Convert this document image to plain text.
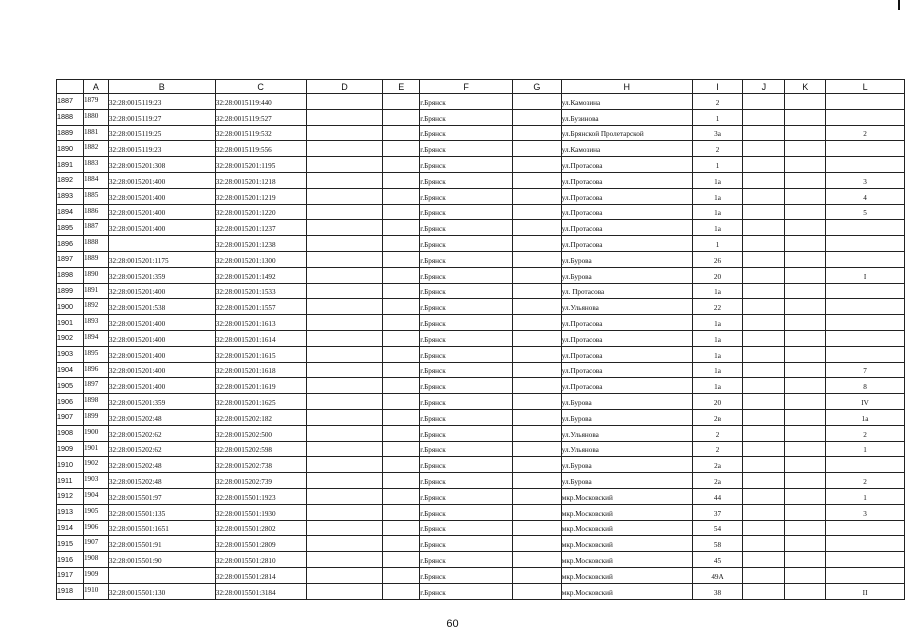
	A	B	C	D	E	F	G	H	I	J	K	L
1887	1879	32:28:0015119:23	32:28:0015119:440			г.Брянск		ул.Камозина	2			
1888	1880	32:28:0015119:27	32:28:0015119:527			г.Брянск		ул.Бузинова	1			
1889	1881	32:28:0015119:25	32:28:0015119:532			г.Брянск		ул.Брянской Пролетарской	3а			2
1890	1882	32:28:0015119:23	32:28:0015119:556			г.Брянск		ул.Камозина	2			
1891	1883	32:28:0015201:308	32:28:0015201:1195			г.Брянск		ул.Протасова	1			
1892	1884	32:28:0015201:400	32:28:0015201:1218			г.Брянск		ул.Протасова	1а			3
1893	1885	32:28:0015201:400	32:28:0015201:1219			г.Брянск		ул.Протасова	1а			4
1894	1886	32:28:0015201:400	32:28:0015201:1220			г.Брянск		ул.Протасова	1а			5
1895	1887	32:28:0015201:400	32:28:0015201:1237			г.Брянск		ул.Протасова	1а			
1896	1888		32:28:0015201:1238			г.Брянск		ул.Протасова	1			
1897	1889	32:28:0015201:1175	32:28:0015201:1300			г.Брянск		ул.Бурова	26			
1898	1890	32:28:0015201:359	32:28:0015201:1492			г.Брянск		ул.Бурова	20			I
1899	1891	32:28:0015201:400	32:28:0015201:1533			г.Брянск		ул. Протасова	1а			
1900	1892	32:28:0015201:538	32:28:0015201:1557			г.Брянск		ул.Ульянова	22			
1901	1893	32:28:0015201:400	32:28:0015201:1613			г.Брянск		ул.Протасова	1а			
1902	1894	32:28:0015201:400	32:28:0015201:1614			г.Брянск		ул.Протасова	1а			
1903	1895	32:28:0015201:400	32:28:0015201:1615			г.Брянск		ул.Протасова	1а			
1904	1896	32:28:0015201:400	32:28:0015201:1618			г.Брянск		ул.Протасова	1а			7
1905	1897	32:28:0015201:400	32:28:0015201:1619			г.Брянск		ул.Протасова	1а			8
1906	1898	32:28:0015201:359	32:28:0015201:1625			г.Брянск		ул.Бурова	20			IV
1907	1899	32:28:0015202:48	32:28:0015202:182			г.Брянск		ул.Бурова	2в			1а
1908	1900	32:28:0015202:62	32:28:0015202:500			г.Брянск		ул.Ульянова	2			2
1909	1901	32:28:0015202:62	32:28:0015202:598			г.Брянск		ул.Ульянова	2			1
1910	1902	32:28:0015202:48	32:28:0015202:738			г.Брянск		ул.Бурова	2а			
1911	1903	32:28:0015202:48	32:28:0015202:739			г.Брянск		ул.Бурова	2а			2
1912	1904	32:28:0015501:97	32:28:0015501:1923			г.Брянск		мкр.Московский	44			1
1913	1905	32:28:0015501:135	32:28:0015501:1930			г.Брянск		мкр.Московский	37			3
1914	1906	32:28:0015501:1651	32:28:0015501:2802			г.Брянск		мкр.Московский	54			
1915	1907	32:28:0015501:91	32:28:0015501:2809			г.Брянск		мкр.Московский	58			
1916	1908	32:28:0015501:90	32:28:0015501:2810			г.Брянск		мкр.Московский	45			
1917	1909		32:28:0015501:2814			г.Брянск		мкр.Московский	49А			
1918	1910	32:28:0015501:130	32:28:0015501:3184			г.Брянск		мкр.Московский	38			II
60
